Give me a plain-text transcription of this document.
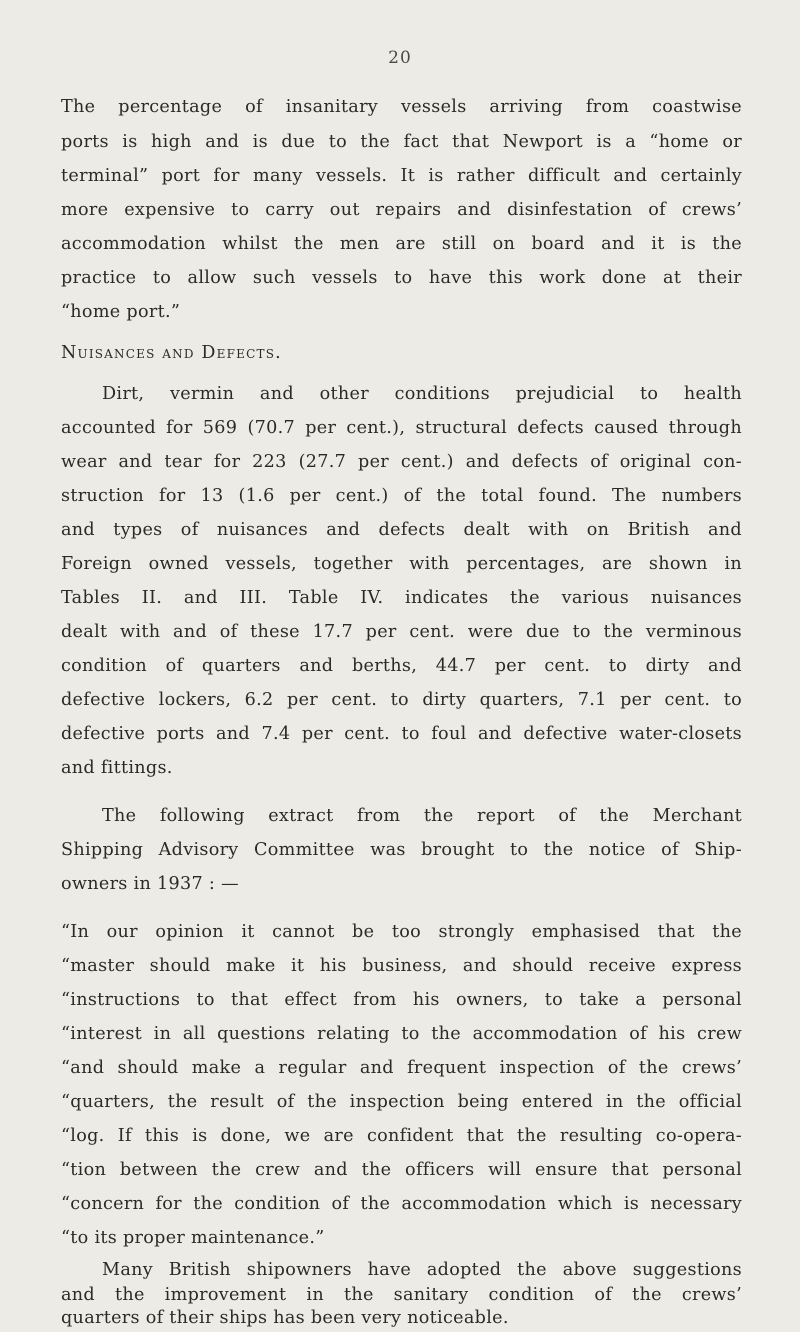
20
The percentage of insanitary vessels arriving from coastwise
ports is high and is due to the fact that Newport is a “home or
terminal” port for many vessels. It is rather difficult and certainly
more expensive to carry out repairs and disinfestation of crews’
accommodation whilst the men are still on board and it is the
practice to allow such vessels to have this work done at their
“home port.”
Nuisances and Defects.
Dirt, vermin and other conditions prejudicial to health
accounted for 569 (70.7 per cent.), structural defects caused through
wear and tear for 223 (27.7 per cent.) and defects of original con-
struction for 13 (1.6 per cent.) of the total found. The numbers
and types of nuisances and defects dealt with on British and
Foreign owned vessels, together with percentages, are shown in
Tables II. and III. Table IV. indicates the various nuisances
dealt with and of these 17.7 per cent. were due to the verminous
condition of quarters and berths, 44.7 per cent. to dirty and
defective lockers, 6.2 per cent. to dirty quarters, 7.1 per cent. to
defective ports and 7.4 per cent. to foul and defective water-closets
and fittings.
The following extract from the report of the Merchant
Shipping Advisory Committee was brought to the notice of Ship-
owners in 1937 : —
“In our opinion it cannot be too strongly emphasised that the
“master should make it his business, and should receive express
“instructions to that effect from his owners, to take a personal
“interest in all questions relating to the accommodation of his crew
“and should make a regular and frequent inspection of the crews’
“quarters, the result of the inspection being entered in the official
“log. If this is done, we are confident that the resulting co-opera-
“tion between the crew and the officers will ensure that personal
“concern for the condition of the accommodation which is necessary
“to its proper maintenance.”
Many British shipowners have adopted the above suggestions
and the improvement in the sanitary condition of the crews’
quarters of their ships has been very noticeable.
